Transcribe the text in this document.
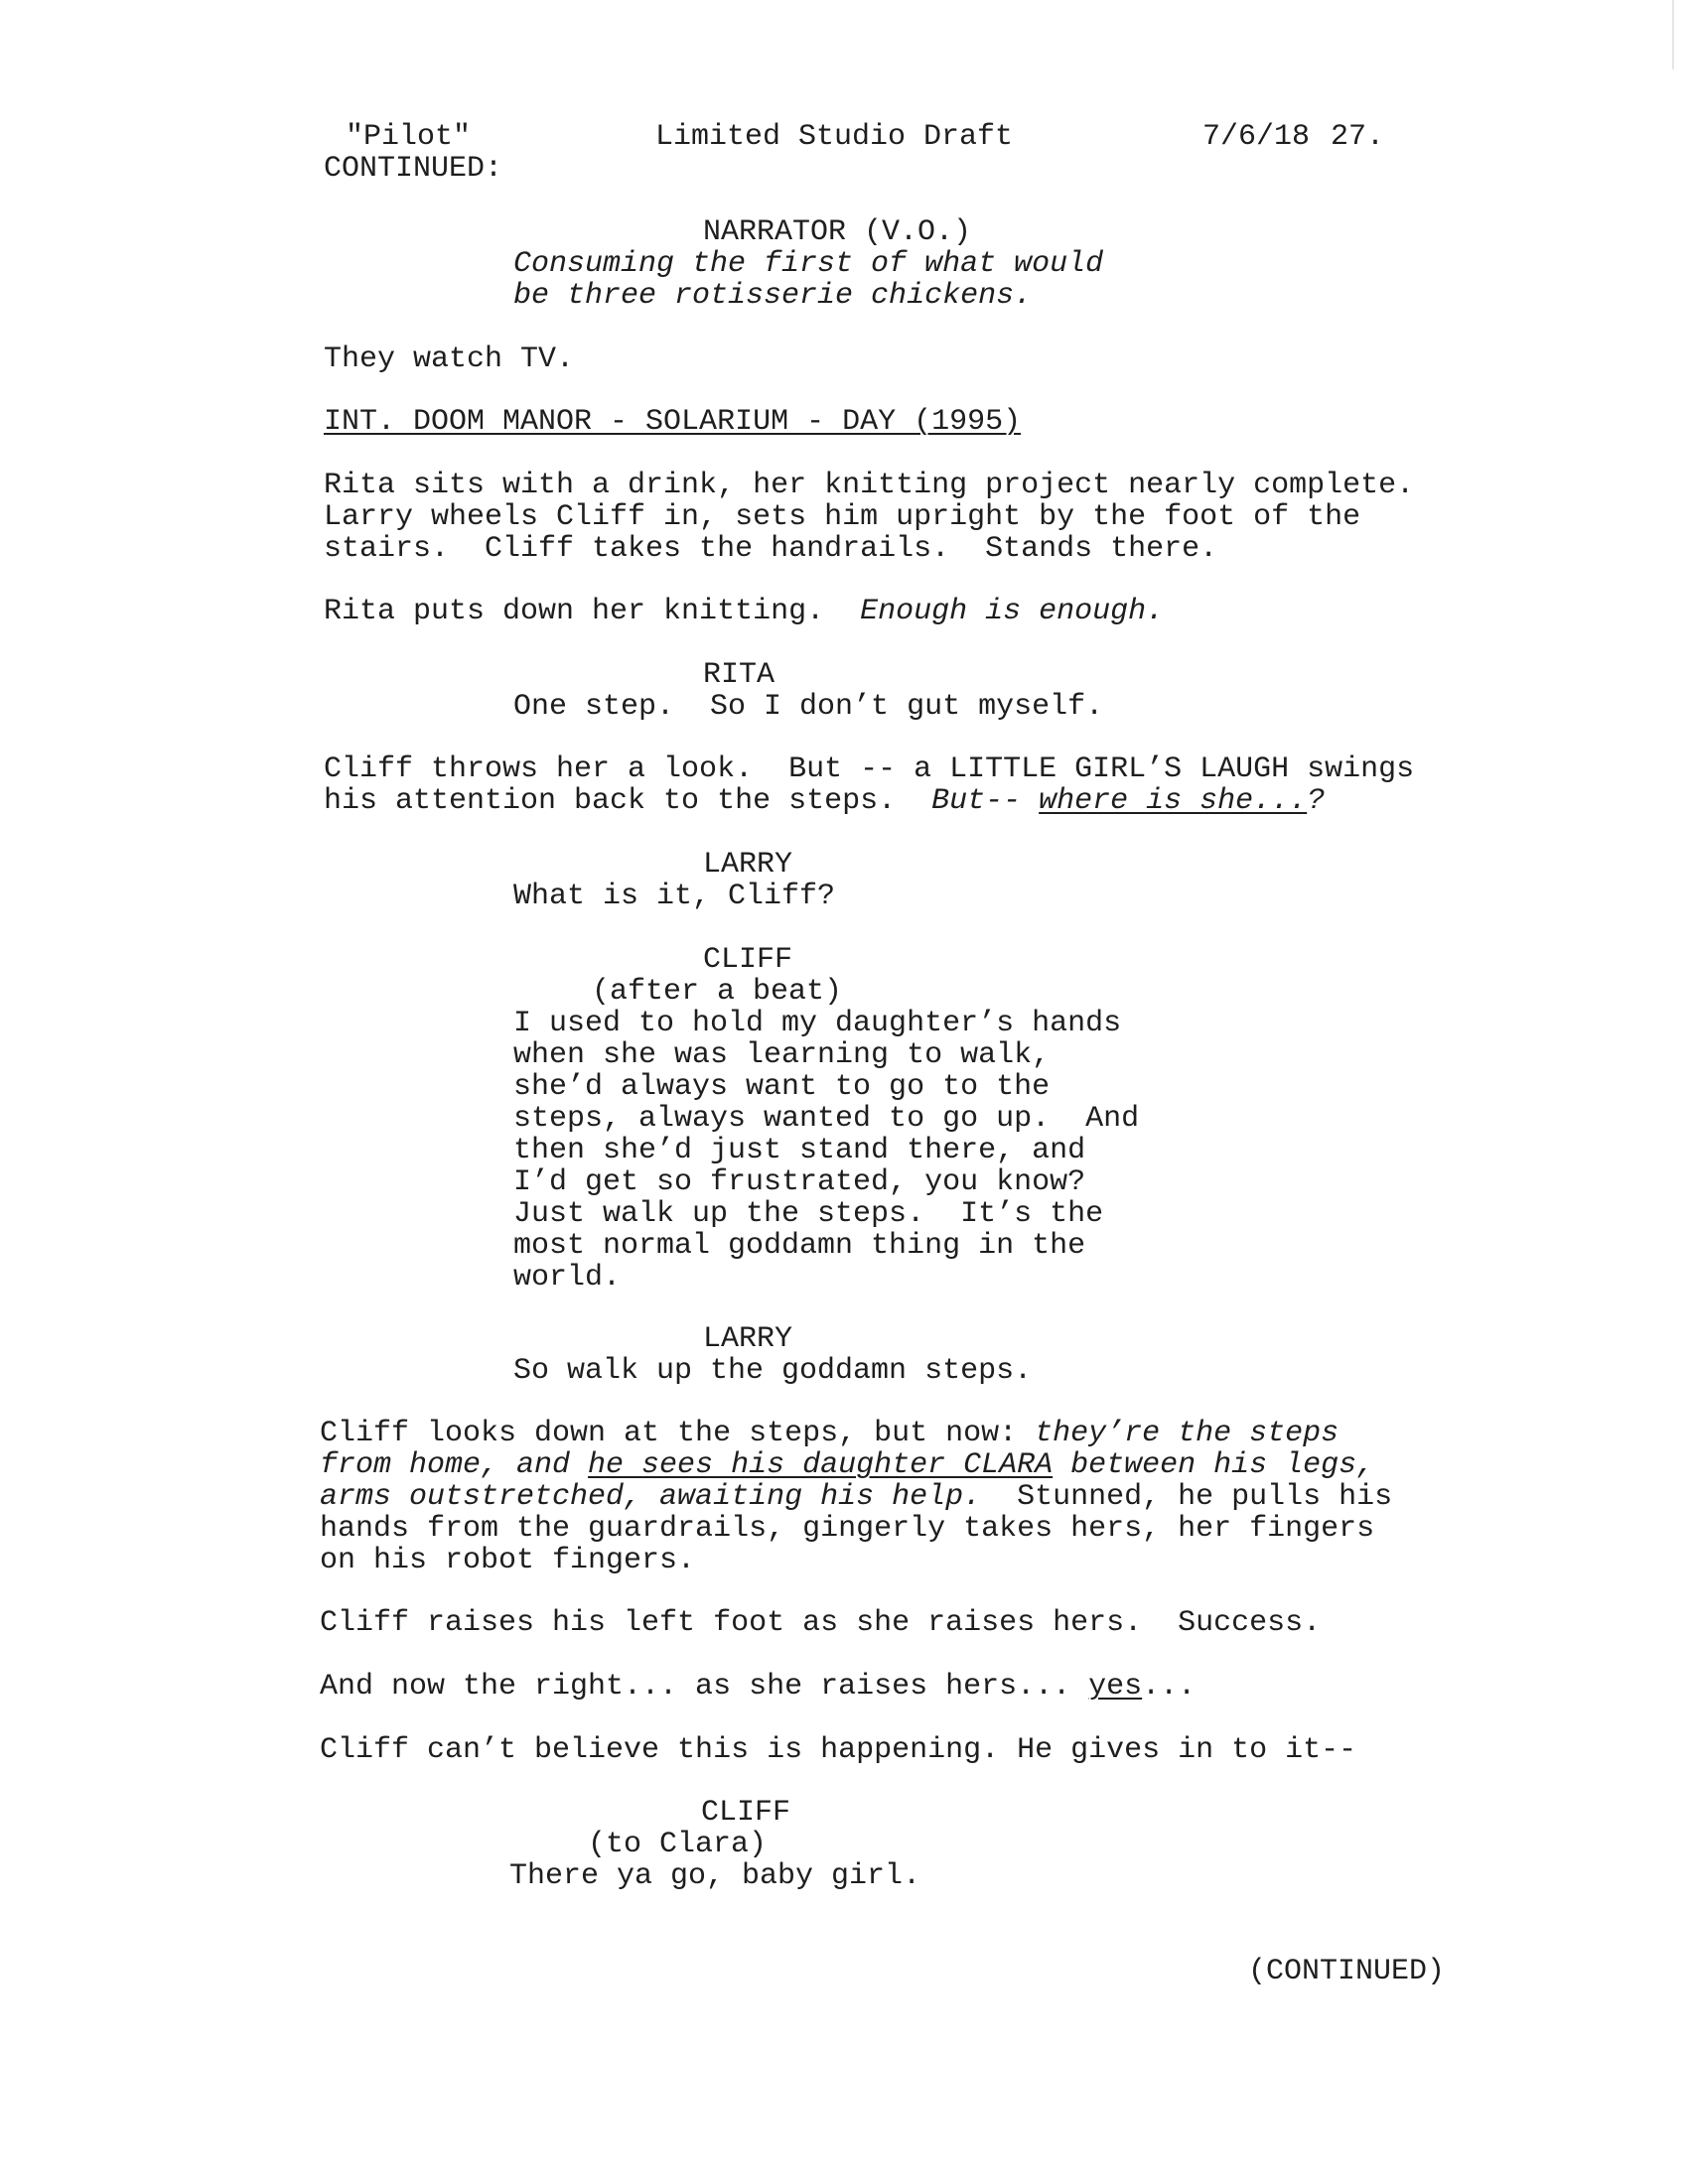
"Pilot"	Limited Studio Draft	7/6/18 27.
CONTINUED:
NARRATOR (V.O.)
Consuming the first of what would
be three rotisserie chickens.
They watch TV.
INT. DOOM MANOR - SOLARIUM - DAY (1995)
Rita sits with a drink, her knitting project nearly complete.
Larry wheels Cliff in, sets him upright by the foot of the
stairs.  Cliff takes the handrails.  Stands there.
Rita puts down her knitting.  Enough is enough.
RITA
One step.  So I don’t gut myself.
Cliff throws her a look.  But -- a LITTLE GIRL’S LAUGH swings
his attention back to the steps.  But-- where is she...?
LARRY
What is it, Cliff?
CLIFF
(after a beat)
I used to hold my daughter’s hands
when she was learning to walk,
she’d always want to go to the
steps, always wanted to go up.  And
then she’d just stand there, and
I’d get so frustrated, you know?
Just walk up the steps.  It’s the
most normal goddamn thing in the
world.
LARRY
So walk up the goddamn steps.
Cliff looks down at the steps, but now: they’re the steps
from home, and he sees his daughter CLARA between his legs,
arms outstretched, awaiting his help.  Stunned, he pulls his
hands from the guardrails, gingerly takes hers, her fingers
on his robot fingers.
Cliff raises his left foot as she raises hers.  Success.
And now the right... as she raises hers... yes...
Cliff can’t believe this is happening. He gives in to it--
CLIFF
(to Clara)
There ya go, baby girl.
(CONTINUED)
